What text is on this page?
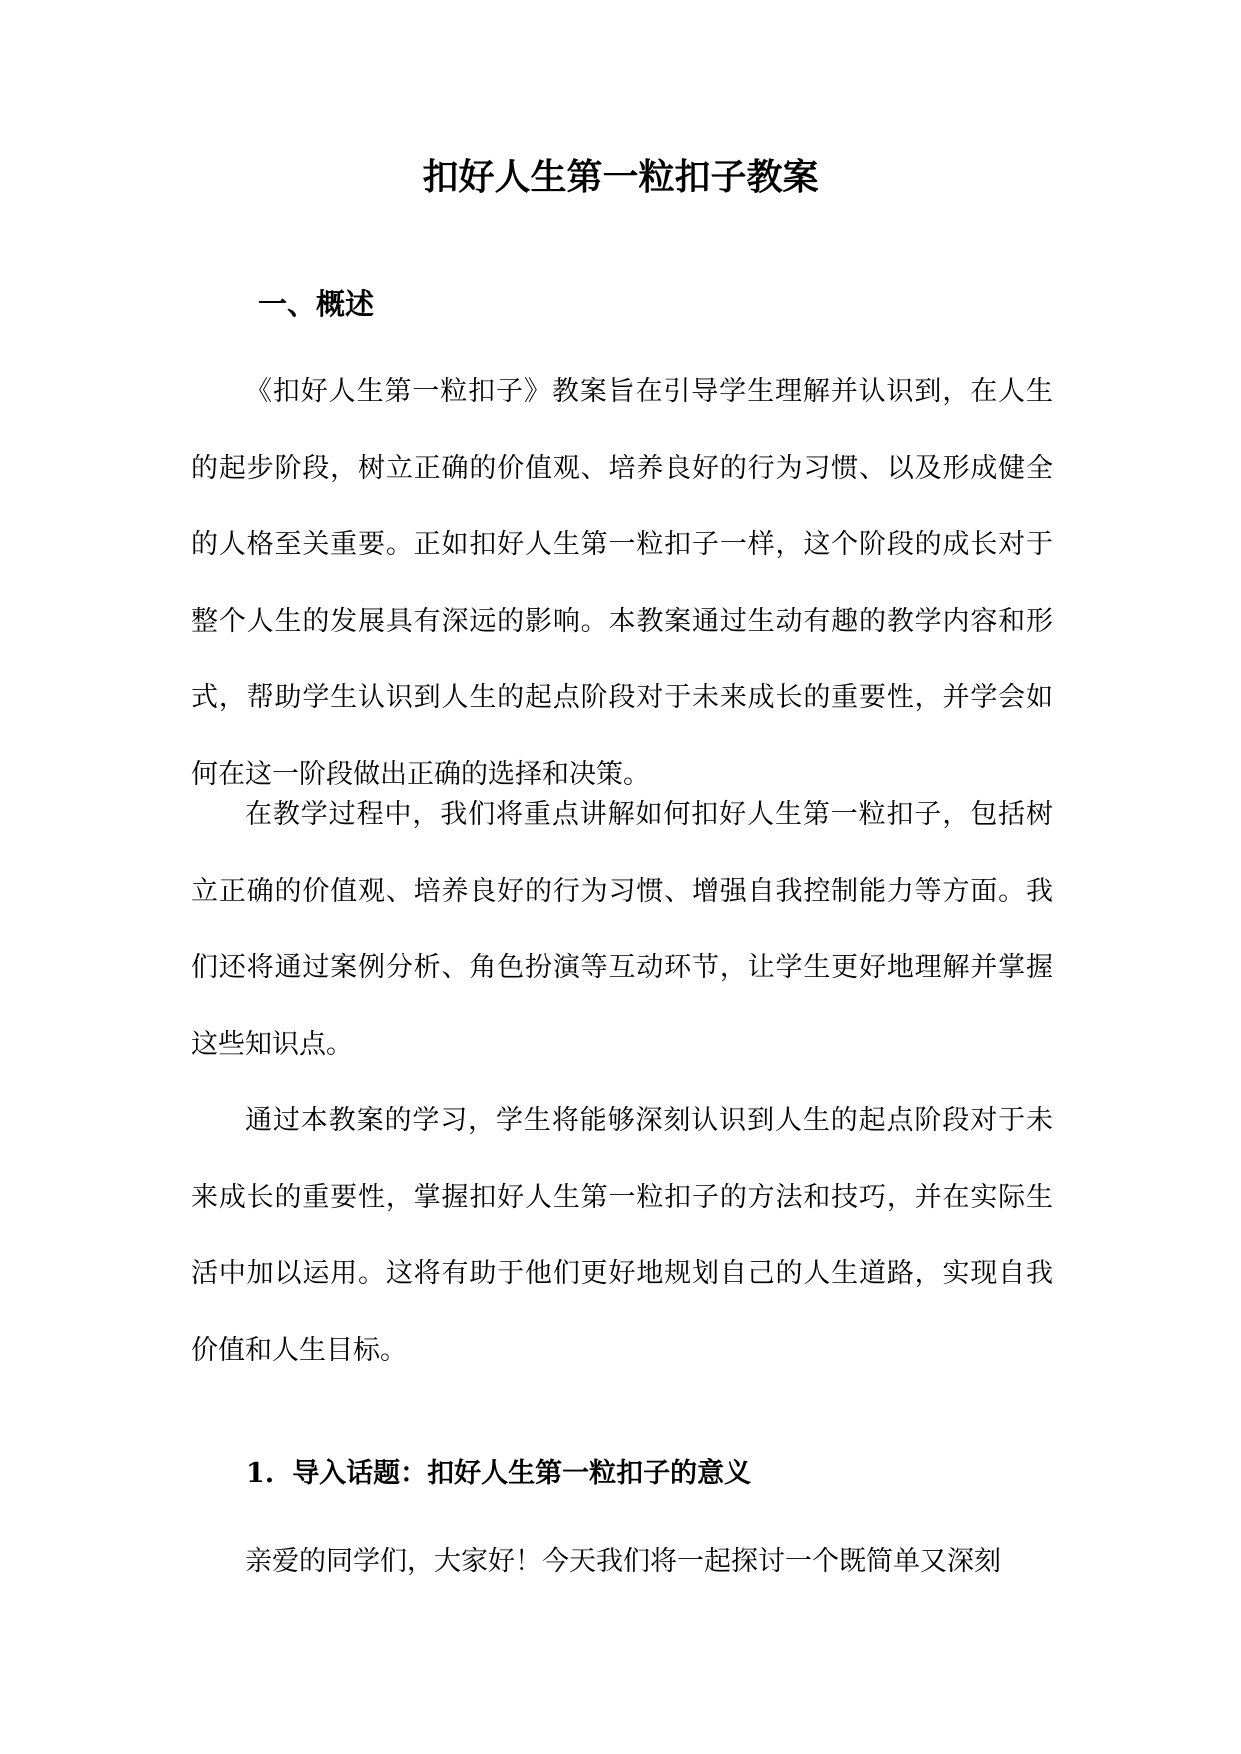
扣好人生第一粒扣子教案
一、概述

《扣好人生第一粒扣子》教案旨在引导学生理解并认识到，在人生的起步阶段，树立正确的价值观、培养良好的行为习惯、以及形成健全的人格至关重要。正如扣好人生第一粒扣子一样，这个阶段的成长对于整个人生的发展具有深远的影响。本教案通过生动有趣的教学内容和形式，帮助学生认识到人生的起点阶段对于未来成长的重要性，并学会如何在这一阶段做出正确的选择和决策。

在教学过程中，我们将重点讲解如何扣好人生第一粒扣子，包括树立正确的价值观、培养良好的行为习惯、增强自我控制能力等方面。我们还将通过案例分析、角色扮演等互动环节，让学生更好地理解并掌握这些知识点。

通过本教案的学习，学生将能够深刻认识到人生的起点阶段对于未来成长的重要性，掌握扣好人生第一粒扣子的方法和技巧，并在实际生活中加以运用。这将有助于他们更好地规划自己的人生道路，实现自我价值和人生目标。

1. 导入话题：扣好人生第一粒扣子的意义

亲爱的同学们，大家好！今天我们将一起探讨一个既简单又深刻
